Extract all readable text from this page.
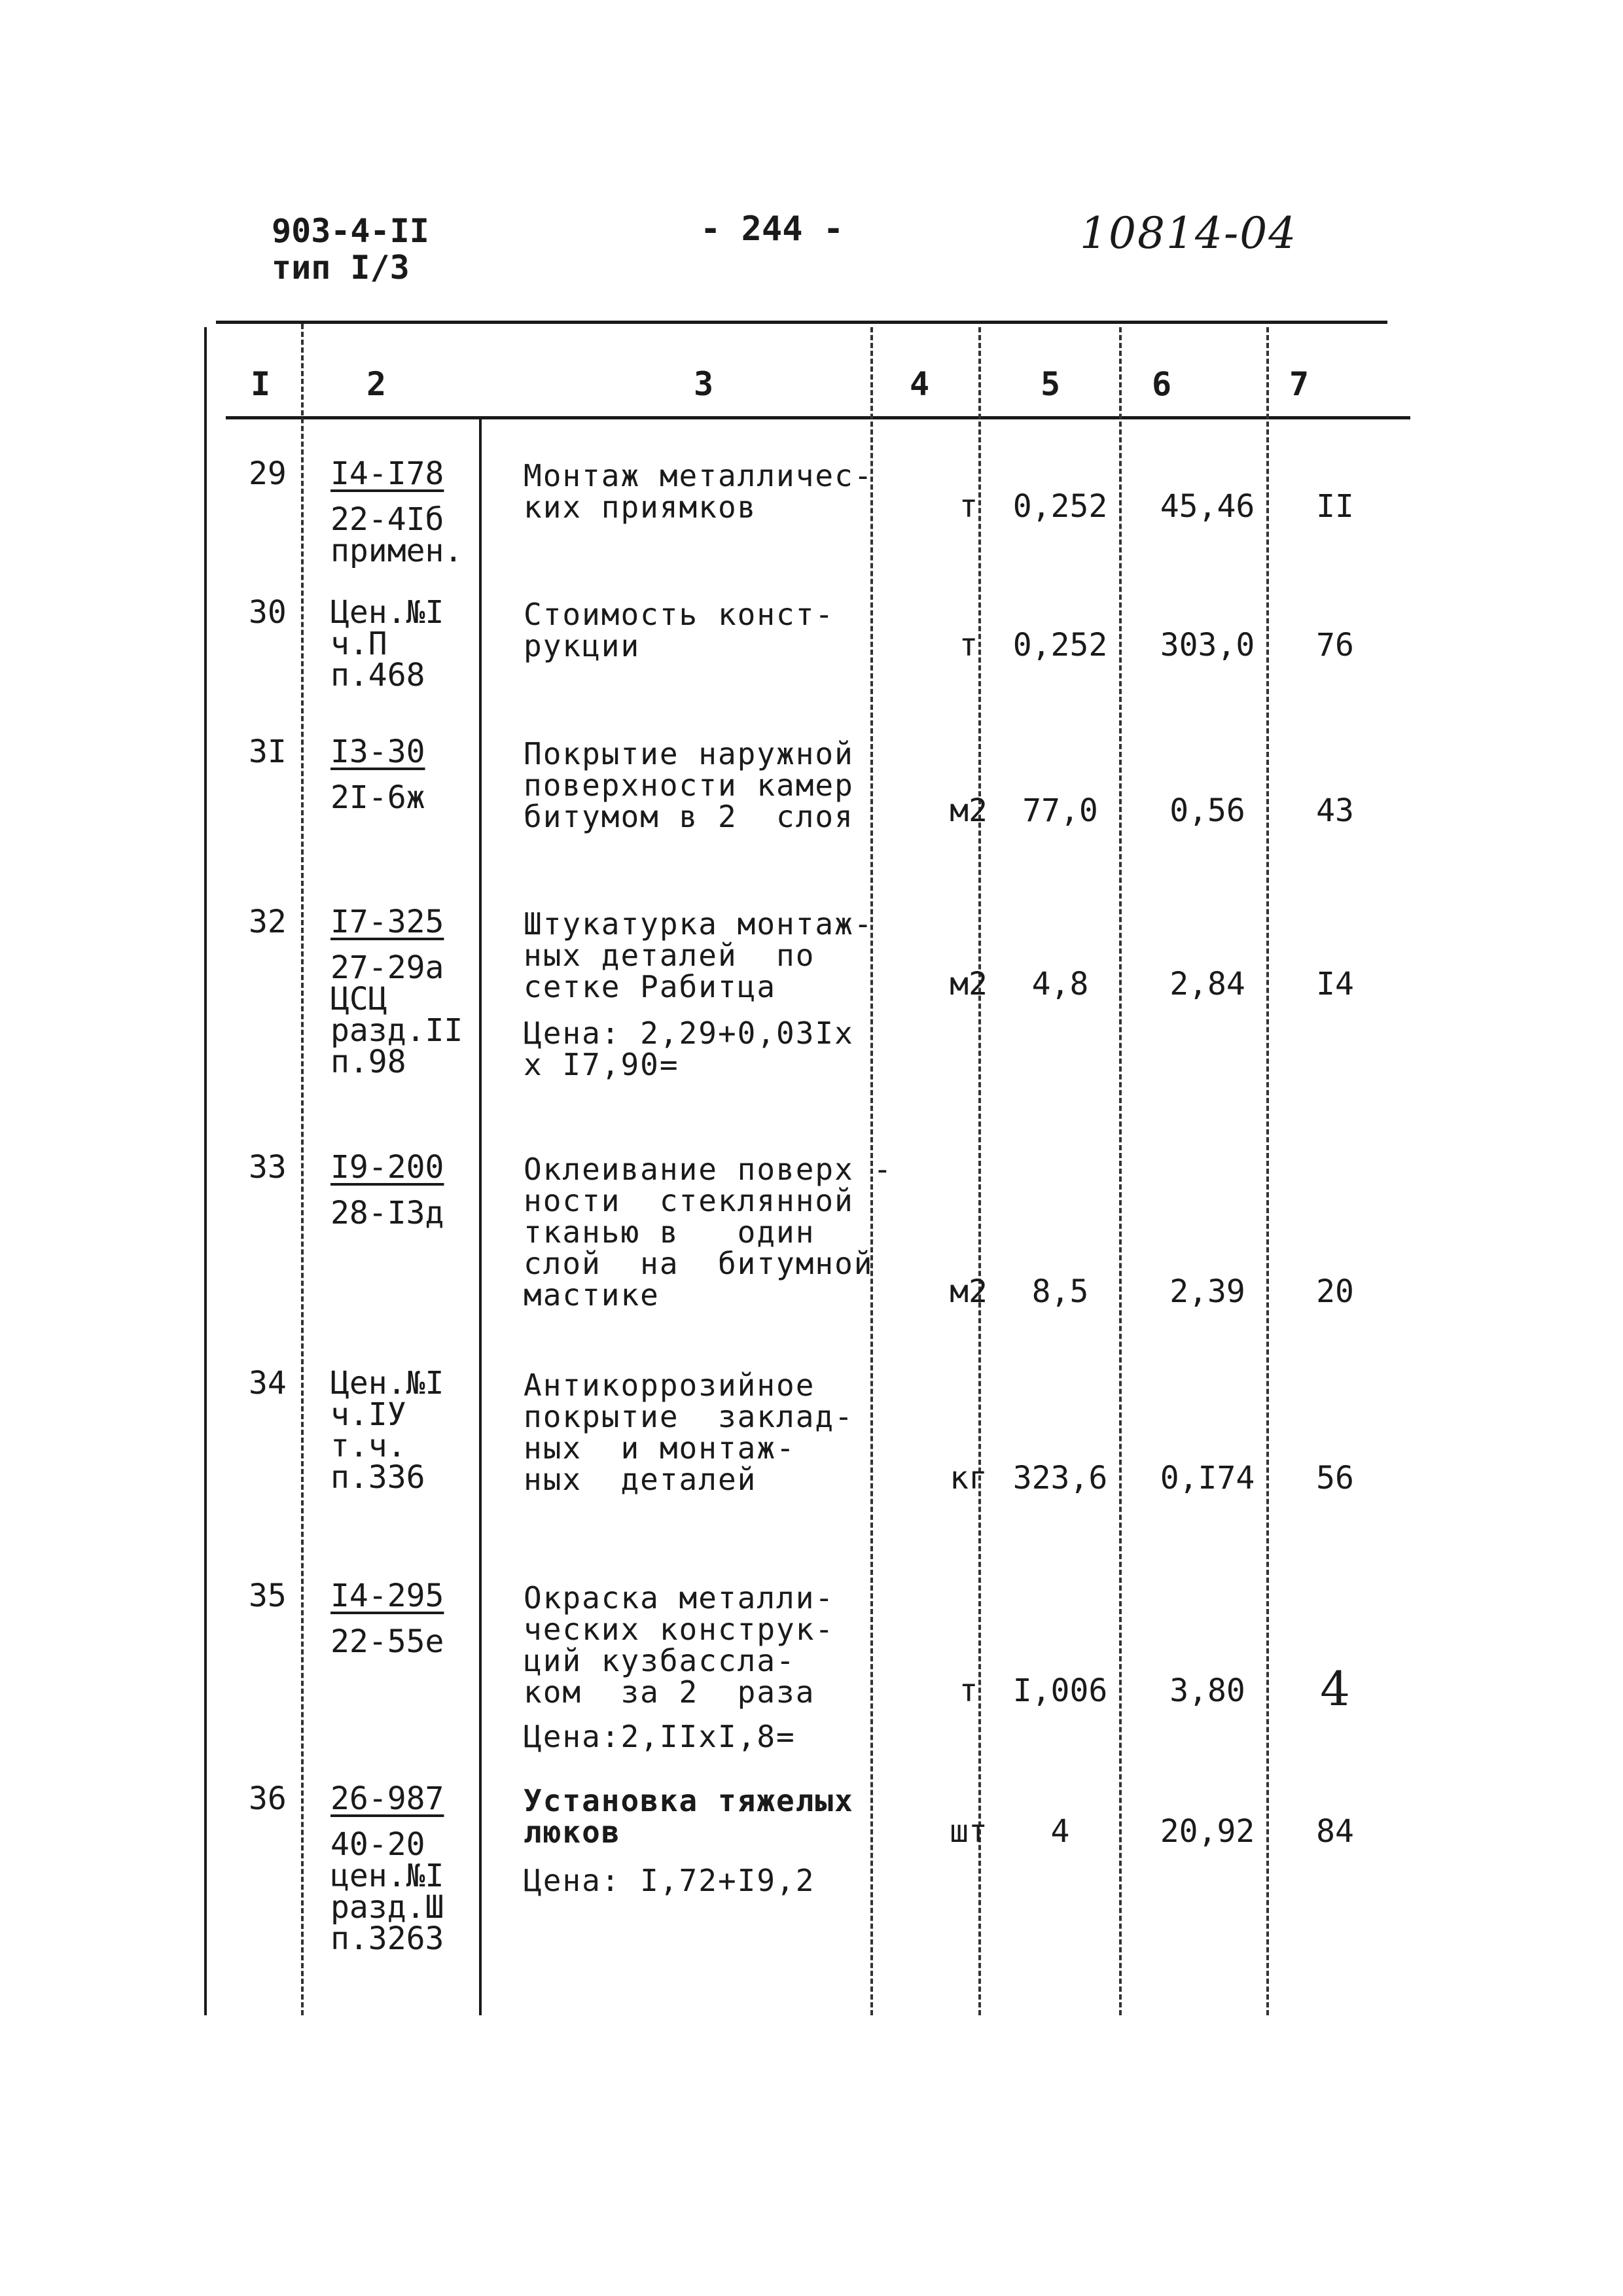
903-4-II
тип I/3
- 244 -	10814-04
I	2	3	4	5	6	7
29	I4-I78
22-4Iб
примен.
Монтаж металличес-
ких приямков	т	0,252	45,46	II
30	Цен.№I
ч.П
п.468
Стоимость конст-
рукции	т	0,252	303,0	76
3I	I3-30
2I-6ж
Покрытие наружной
поверхности камер
битумом в 2  слоя	м2	77,0	0,56	43
32	I7-325
27-29а
ЦСЦ
разд.II
п.98
Штукатурка монтаж-
ных деталей  по
сетке Рабитца
Цена: 2,29+0,03Iх
х I7,90=
м2	4,8	2,84	I4
33	I9-200
28-I3д
Оклеивание поверх -
ности  стеклянной
тканью в   один
слой  на  битумной
мастике	м2	8,5	2,39	20
34	Цен.№I
ч.IУ
т.ч.
п.336
Антикоррозийное
покрытие  заклад-
ных  и монтаж-
ных  деталей	кг 323,6	0,I74	56
35	I4-295
22-55е
Окраска металли-
ческих конструк-
ций кузбассла-
ком  за 2  раза
Цена:2,IIхI,8=
т	I,006	3,80	4
36	26-987
40-20
цен.№I
разд.Ш
п.3263
Установка тяжелых
люков
Цена: I,72+I9,2
шт	4	20,92	84
